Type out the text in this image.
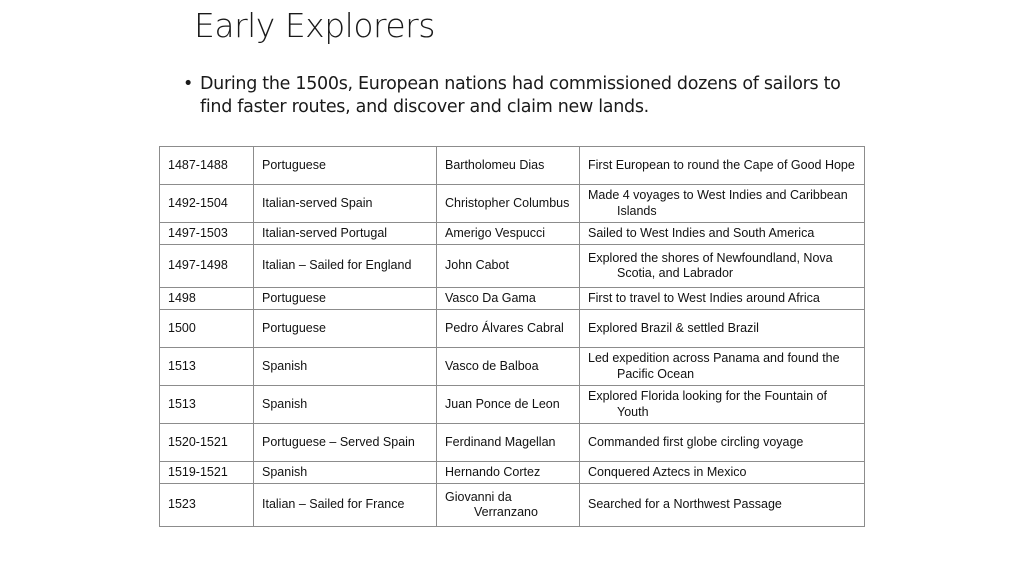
Early Explorers
• During the 1500s, European nations had commissioned dozens of sailors to find faster routes, and discover and claim new lands.
1487-1488	Portuguese	Bartholomeu Dias	First European to round the Cape of Good Hope

1492-1504	Italian-served Spain	Christopher Columbus	Made 4 voyages to West Indies and Caribbean Islands

1497-1503	Italian-served Portugal	Amerigo Vespucci	Sailed to West Indies and South America

1497-1498	Italian – Sailed for England	John Cabot	Explored the shores of Newfoundland, Nova Scotia, and Labrador

1498	Portuguese	Vasco Da Gama	First to travel to West Indies around Africa

1500	Portuguese	Pedro Álvares Cabral	Explored Brazil & settled Brazil

1513	Spanish	Vasco de Balboa	Led expedition across Panama and found the Pacific Ocean

1513	Spanish	Juan Ponce de Leon	Explored Florida looking for the Fountain of Youth

1520-1521	Portuguese – Served Spain	Ferdinand Magellan	Commanded first globe circling voyage

1519-1521	Spanish	Hernando Cortez	Conquered Aztecs in Mexico

1523	Italian – Sailed for France	Giovanni da Verranzano	Searched for a Northwest Passage
